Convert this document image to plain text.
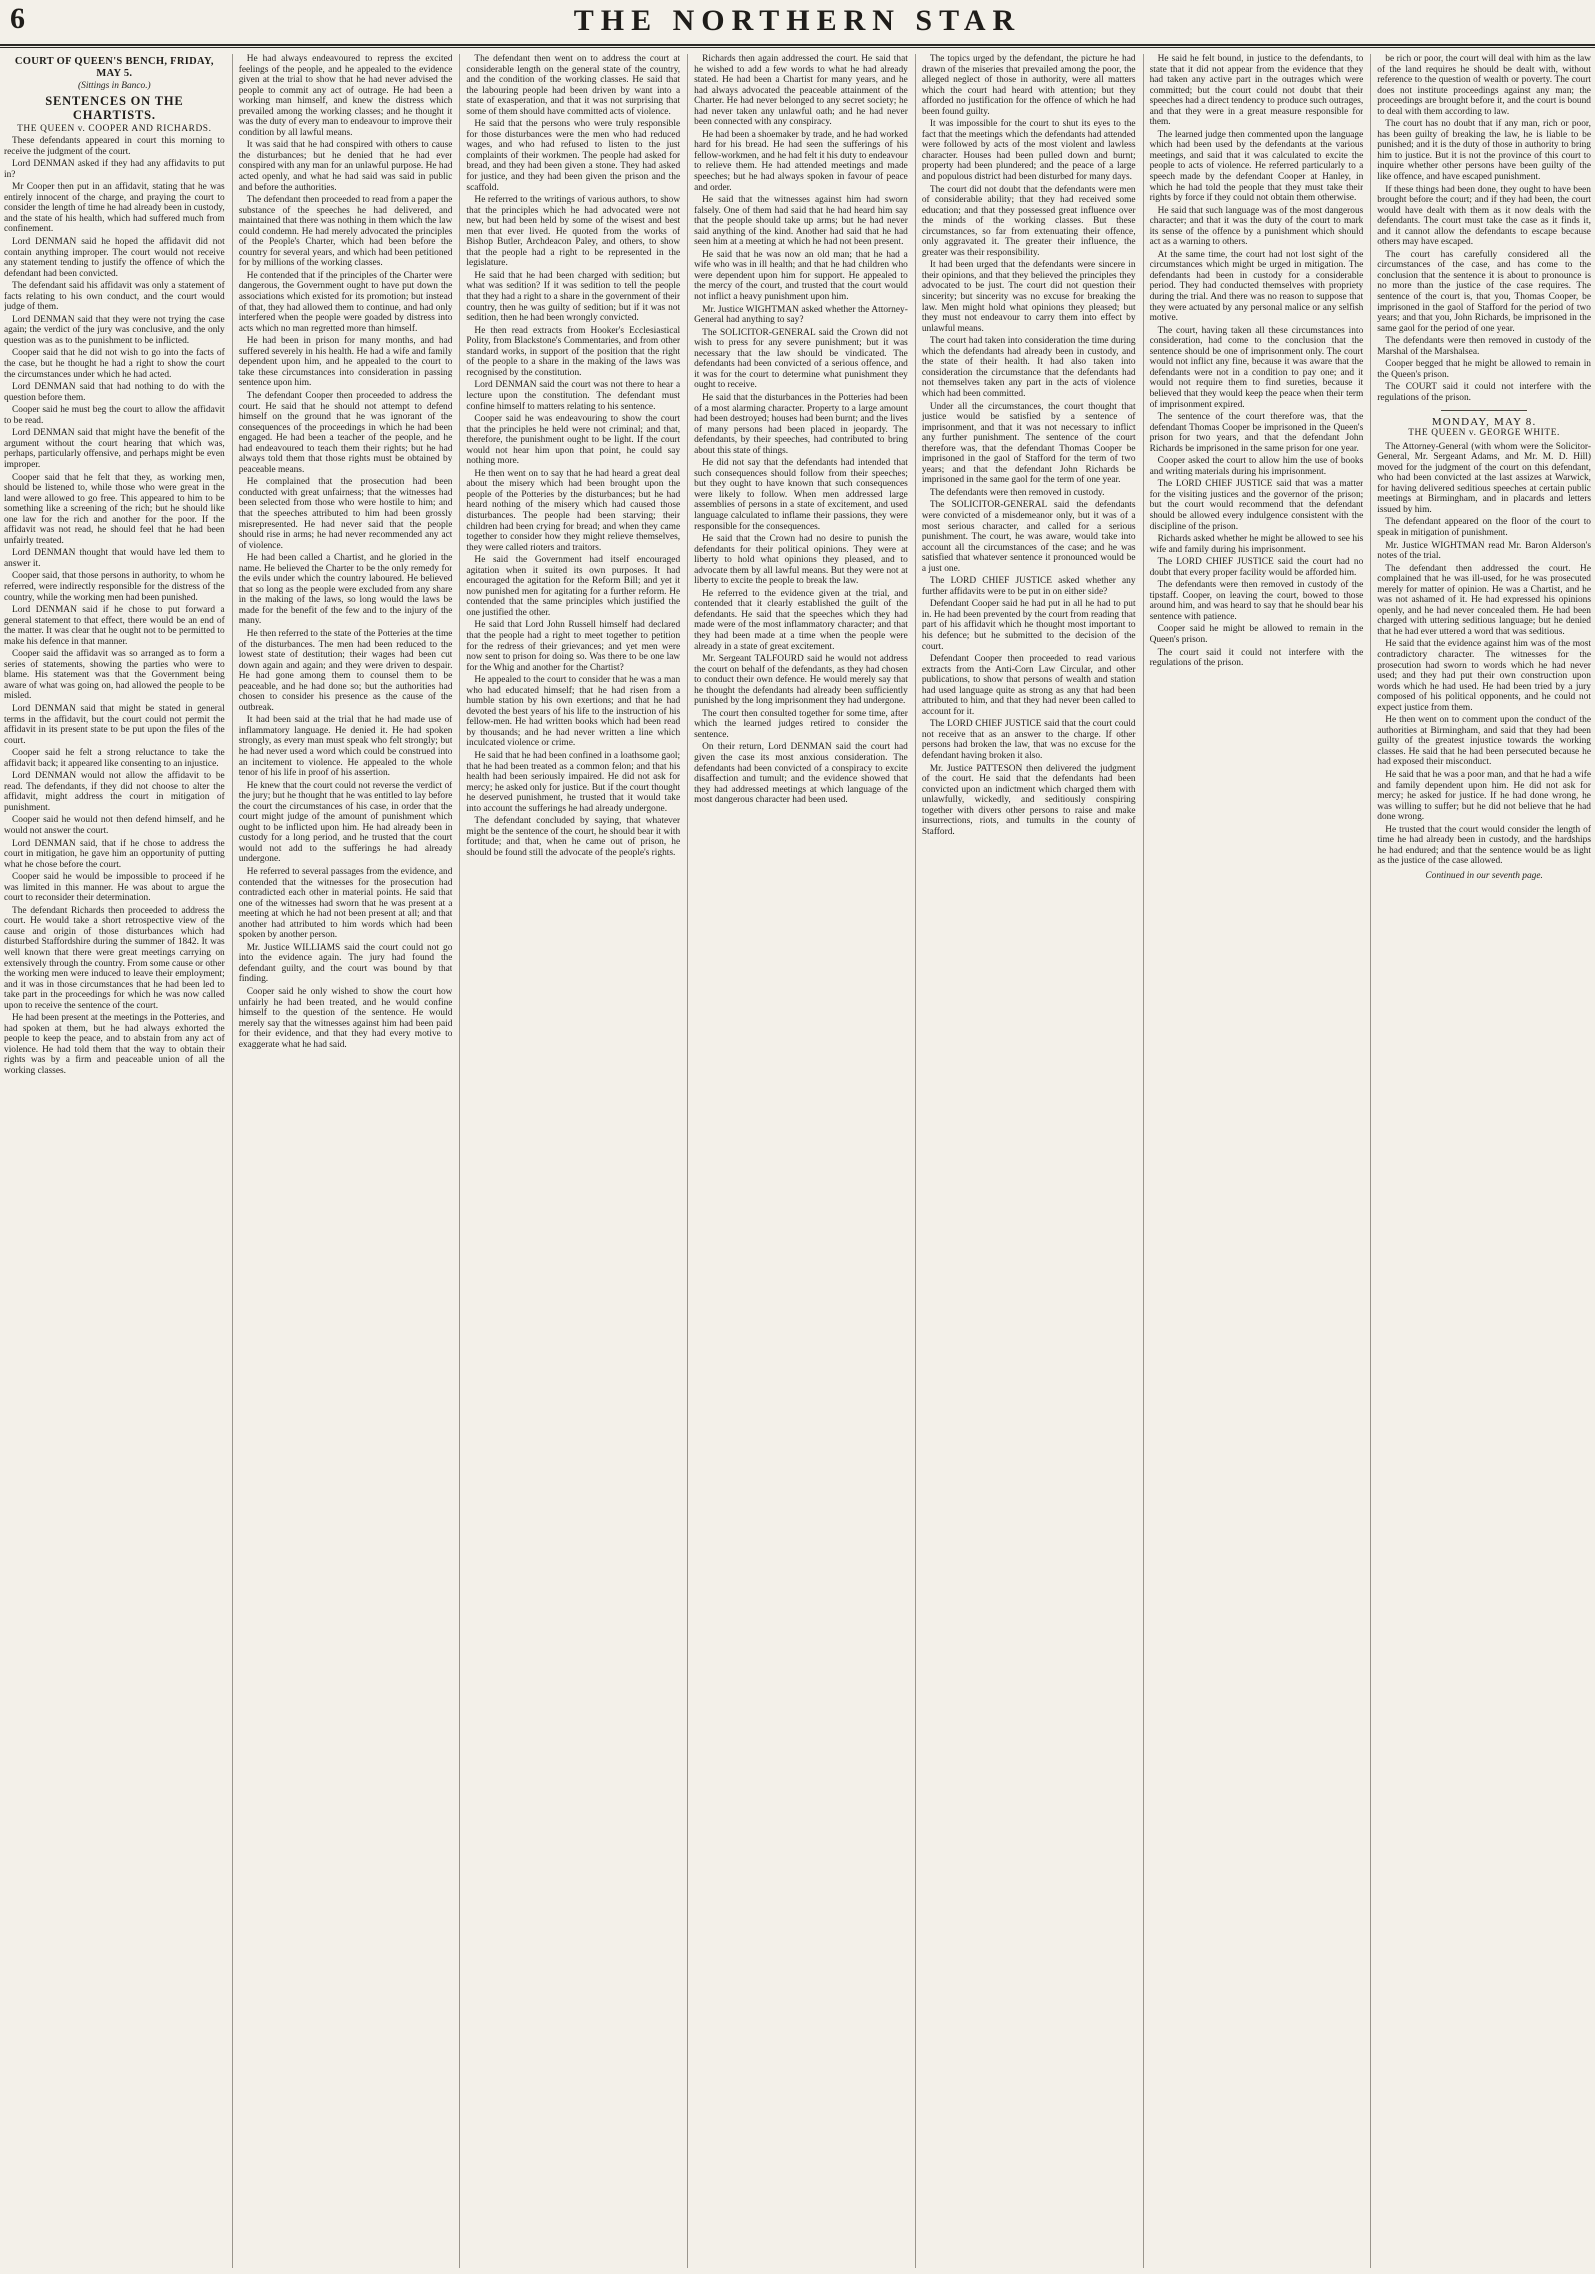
6	THE NORTHERN STAR
COURT OF QUEEN'S BENCH, FRIDAY, MAY 5.
(Sittings in Banco.)
SENTENCES ON THE CHARTISTS.
THE QUEEN v. COOPER AND RICHARDS.

These defendants appeared in court this morning to receive the judgment of the court.

Lord DENMAN asked if they had any affidavits to put in?

Mr Cooper then put in an affidavit, stating that he was entirely innocent of the charge, and praying the court to consider the length of time he had already been in custody, and the state of his health, which had suffered much from confinement.

Lord DENMAN said he hoped the affidavit did not contain anything improper. The court would not receive any statement tending to justify the offence of which the defendant had been convicted.

The defendant said his affidavit was only a statement of facts relating to his own conduct, and the court would judge of them.

Lord DENMAN said that they were not trying the case again; the verdict of the jury was conclusive, and the only question was as to the punishment to be inflicted.

Cooper said that he did not wish to go into the facts of the case, but he thought he had a right to show the court the circumstances under which he had acted.

Lord DENMAN said that had nothing to do with the question before them.

Cooper said he must beg the court to allow the affidavit to be read.

Lord DENMAN said that might have the benefit of the argument without the court hearing that which was, perhaps, particularly offensive, and perhaps might be even improper.

Cooper said that he felt that they, as working men, should be listened to, while those who were great in the land were allowed to go free. This appeared to him to be something like a screening of the rich; but he should like one law for the rich and another for the poor. If the affidavit was not read, he should feel that he had been unfairly treated.

Lord DENMAN thought that would have led them to answer it.

Cooper said, that those persons in authority, to whom he referred, were indirectly responsible for the distress of the country, while the working men had been punished.

Lord DENMAN said if he chose to put forward a general statement to that effect, there would be an end of the matter. It was clear that he ought not to be permitted to make his defence in that manner.

Cooper said the affidavit was so arranged as to form a series of statements, showing the parties who were to blame. His statement was that the Government being aware of what was going on, had allowed the people to be misled.

Lord DENMAN said that might be stated in general terms in the affidavit, but the court could not permit the affidavit in its present state to be put upon the files of the court.

Cooper said he felt a strong reluctance to take the affidavit back; it appeared like consenting to an injustice.

Lord DENMAN would not allow the affidavit to be read. The defendants, if they did not choose to alter the affidavit, might address the court in mitigation of punishment.

Cooper said he would not then defend himself, and he would not answer the court.

Lord DENMAN said, that if he chose to address the court in mitigation, he gave him an opportunity of putting what he chose before the court.

Cooper said he would be impossible to proceed if he was limited in this manner. He was about to argue the court to reconsider their determination.

The defendant Richards then proceeded to address the court. He would take a short retrospective view of the cause and origin of those disturbances which had disturbed Staffordshire during the summer of 1842. It was well known that there were great meetings carrying on extensively through the country. From some cause or other the working men were induced to leave their employment; and it was in those circumstances that he had been led to take part in the proceedings for which he was now called upon to receive the sentence of the court.

He had been present at the meetings in the Potteries, and had spoken at them, but he had always exhorted the people to keep the peace, and to abstain from any act of violence. He had told them that the way to obtain their rights was by a firm and peaceable union of all the working classes.

He had always endeavoured to repress the excited feelings of the people, and he appealed to the evidence given at the trial to show that he had never advised the people to commit any act of outrage. He had been a working man himself, and knew the distress which prevailed among the working classes; and he thought it was the duty of every man to endeavour to improve their condition by all lawful means.

It was said that he had conspired with others to cause the disturbances; but he denied that he had ever conspired with any man for an unlawful purpose. He had acted openly, and what he had said was said in public and before the authorities.

The defendant then proceeded to read from a paper the substance of the speeches he had delivered, and maintained that there was nothing in them which the law could condemn. He had merely advocated the principles of the People's Charter, which had been before the country for several years, and which had been petitioned for by millions of the working classes.

He contended that if the principles of the Charter were dangerous, the Government ought to have put down the associations which existed for its promotion; but instead of that, they had allowed them to continue, and had only interfered when the people were goaded by distress into acts which no man regretted more than himself.

He had been in prison for many months, and had suffered severely in his health. He had a wife and family dependent upon him, and he appealed to the court to take these circumstances into consideration in passing sentence upon him.

The defendant Cooper then proceeded to address the court. He said that he should not attempt to defend himself on the ground that he was ignorant of the consequences of the proceedings in which he had been engaged. He had been a teacher of the people, and he had endeavoured to teach them their rights; but he had always told them that those rights must be obtained by peaceable means.

He complained that the prosecution had been conducted with great unfairness; that the witnesses had been selected from those who were hostile to him; and that the speeches attributed to him had been grossly misrepresented. He had never said that the people should rise in arms; he had never recommended any act of violence.

He had been called a Chartist, and he gloried in the name. He believed the Charter to be the only remedy for the evils under which the country laboured. He believed that so long as the people were excluded from any share in the making of the laws, so long would the laws be made for the benefit of the few and to the injury of the many.

He then referred to the state of the Potteries at the time of the disturbances. The men had been reduced to the lowest state of destitution; their wages had been cut down again and again; and they were driven to despair. He had gone among them to counsel them to be peaceable, and he had done so; but the authorities had chosen to consider his presence as the cause of the outbreak.

It had been said at the trial that he had made use of inflammatory language. He denied it. He had spoken strongly, as every man must speak who felt strongly; but he had never used a word which could be construed into an incitement to violence. He appealed to the whole tenor of his life in proof of his assertion.

He knew that the court could not reverse the verdict of the jury; but he thought that he was entitled to lay before the court the circumstances of his case, in order that the court might judge of the amount of punishment which ought to be inflicted upon him. He had already been in custody for a long period, and he trusted that the court would not add to the sufferings he had already undergone.

He referred to several passages from the evidence, and contended that the witnesses for the prosecution had contradicted each other in material points. He said that one of the witnesses had sworn that he was present at a meeting at which he had not been present at all; and that another had attributed to him words which had been spoken by another person.

Mr. Justice WILLIAMS said the court could not go into the evidence again. The jury had found the defendant guilty, and the court was bound by that finding.

Cooper said he only wished to show the court how unfairly he had been treated, and he would confine himself to the question of the sentence. He would merely say that the witnesses against him had been paid for their evidence, and that they had every motive to exaggerate what he had said.

The defendant then went on to address the court at considerable length on the general state of the country, and the condition of the working classes. He said that the labouring people had been driven by want into a state of exasperation, and that it was not surprising that some of them should have committed acts of violence.

He said that the persons who were truly responsible for those disturbances were the men who had reduced wages, and who had refused to listen to the just complaints of their workmen. The people had asked for bread, and they had been given a stone. They had asked for justice, and they had been given the prison and the scaffold.

He referred to the writings of various authors, to show that the principles which he had advocated were not new, but had been held by some of the wisest and best men that ever lived. He quoted from the works of Bishop Butler, Archdeacon Paley, and others, to show that the people had a right to be represented in the legislature.

He said that he had been charged with sedition; but what was sedition? If it was sedition to tell the people that they had a right to a share in the government of their country, then he was guilty of sedition; but if it was not sedition, then he had been wrongly convicted.

He then read extracts from Hooker's Ecclesiastical Polity, from Blackstone's Commentaries, and from other standard works, in support of the position that the right of the people to a share in the making of the laws was recognised by the constitution.

Lord DENMAN said the court was not there to hear a lecture upon the constitution. The defendant must confine himself to matters relating to his sentence.

Cooper said he was endeavouring to show the court that the principles he held were not criminal; and that, therefore, the punishment ought to be light. If the court would not hear him upon that point, he could say nothing more.

He then went on to say that he had heard a great deal about the misery which had been brought upon the people of the Potteries by the disturbances; but he had heard nothing of the misery which had caused those disturbances. The people had been starving; their children had been crying for bread; and when they came together to consider how they might relieve themselves, they were called rioters and traitors.

He said the Government had itself encouraged agitation when it suited its own purposes. It had encouraged the agitation for the Reform Bill; and yet it now punished men for agitating for a further reform. He contended that the same principles which justified the one justified the other.

He said that Lord John Russell himself had declared that the people had a right to meet together to petition for the redress of their grievances; and yet men were now sent to prison for doing so. Was there to be one law for the Whig and another for the Chartist?

He appealed to the court to consider that he was a man who had educated himself; that he had risen from a humble station by his own exertions; and that he had devoted the best years of his life to the instruction of his fellow-men. He had written books which had been read by thousands; and he had never written a line which inculcated violence or crime.

He said that he had been confined in a loathsome gaol; that he had been treated as a common felon; and that his health had been seriously impaired. He did not ask for mercy; he asked only for justice. But if the court thought he deserved punishment, he trusted that it would take into account the sufferings he had already undergone.

The defendant concluded by saying, that whatever might be the sentence of the court, he should bear it with fortitude; and that, when he came out of prison, he should be found still the advocate of the people's rights.

Richards then again addressed the court. He said that he wished to add a few words to what he had already stated. He had been a Chartist for many years, and he had always advocated the peaceable attainment of the Charter. He had never belonged to any secret society; he had never taken any unlawful oath; and he had never been connected with any conspiracy.

He had been a shoemaker by trade, and he had worked hard for his bread. He had seen the sufferings of his fellow-workmen, and he had felt it his duty to endeavour to relieve them. He had attended meetings and made speeches; but he had always spoken in favour of peace and order.

He said that the witnesses against him had sworn falsely. One of them had said that he had heard him say that the people should take up arms; but he had never said anything of the kind. Another had said that he had seen him at a meeting at which he had not been present.

He said that he was now an old man; that he had a wife who was in ill health; and that he had children who were dependent upon him for support. He appealed to the mercy of the court, and trusted that the court would not inflict a heavy punishment upon him.

Mr. Justice WIGHTMAN asked whether the Attorney-General had anything to say?

The SOLICITOR-GENERAL said the Crown did not wish to press for any severe punishment; but it was necessary that the law should be vindicated. The defendants had been convicted of a serious offence, and it was for the court to determine what punishment they ought to receive.

He said that the disturbances in the Potteries had been of a most alarming character. Property to a large amount had been destroyed; houses had been burnt; and the lives of many persons had been placed in jeopardy. The defendants, by their speeches, had contributed to bring about this state of things.

He did not say that the defendants had intended that such consequences should follow from their speeches; but they ought to have known that such consequences were likely to follow. When men addressed large assemblies of persons in a state of excitement, and used language calculated to inflame their passions, they were responsible for the consequences.

He said that the Crown had no desire to punish the defendants for their political opinions. They were at liberty to hold what opinions they pleased, and to advocate them by all lawful means. But they were not at liberty to excite the people to break the law.

He referred to the evidence given at the trial, and contended that it clearly established the guilt of the defendants. He said that the speeches which they had made were of the most inflammatory character; and that they had been made at a time when the people were already in a state of great excitement.

Mr. Sergeant TALFOURD said he would not address the court on behalf of the defendants, as they had chosen to conduct their own defence. He would merely say that he thought the defendants had already been sufficiently punished by the long imprisonment they had undergone.

The court then consulted together for some time, after which the learned judges retired to consider the sentence.

On their return, Lord DENMAN said the court had given the case its most anxious consideration. The defendants had been convicted of a conspiracy to excite disaffection and tumult; and the evidence showed that they had addressed meetings at which language of the most dangerous character had been used.

The topics urged by the defendant, the picture he had drawn of the miseries that prevailed among the poor, the alleged neglect of those in authority, were all matters which the court had heard with attention; but they afforded no justification for the offence of which he had been found guilty.

It was impossible for the court to shut its eyes to the fact that the meetings which the defendants had attended were followed by acts of the most violent and lawless character. Houses had been pulled down and burnt; property had been plundered; and the peace of a large and populous district had been disturbed for many days.

The court did not doubt that the defendants were men of considerable ability; that they had received some education; and that they possessed great influence over the minds of the working classes. But these circumstances, so far from extenuating their offence, only aggravated it. The greater their influence, the greater was their responsibility.

It had been urged that the defendants were sincere in their opinions, and that they believed the principles they advocated to be just. The court did not question their sincerity; but sincerity was no excuse for breaking the law. Men might hold what opinions they pleased; but they must not endeavour to carry them into effect by unlawful means.

The court had taken into consideration the time during which the defendants had already been in custody, and the state of their health. It had also taken into consideration the circumstance that the defendants had not themselves taken any part in the acts of violence which had been committed.

Under all the circumstances, the court thought that justice would be satisfied by a sentence of imprisonment, and that it was not necessary to inflict any further punishment. The sentence of the court therefore was, that the defendant Thomas Cooper be imprisoned in the gaol of Stafford for the term of two years; and that the defendant John Richards be imprisoned in the same gaol for the term of one year.

The defendants were then removed in custody.

The SOLICITOR-GENERAL said the defendants were convicted of a misdemeanor only, but it was of a most serious character, and called for a serious punishment. The court, he was aware, would take into account all the circumstances of the case; and he was satisfied that whatever sentence it pronounced would be a just one.

The LORD CHIEF JUSTICE asked whether any further affidavits were to be put in on either side?

Defendant Cooper said he had put in all he had to put in. He had been prevented by the court from reading that part of his affidavit which he thought most important to his defence; but he submitted to the decision of the court.

Defendant Cooper then proceeded to read various extracts from the Anti-Corn Law Circular, and other publications, to show that persons of wealth and station had used language quite as strong as any that had been attributed to him, and that they had never been called to account for it.

The LORD CHIEF JUSTICE said that the court could not receive that as an answer to the charge. If other persons had broken the law, that was no excuse for the defendant having broken it also.

Mr. Justice PATTESON then delivered the judgment of the court. He said that the defendants had been convicted upon an indictment which charged them with unlawfully, wickedly, and seditiously conspiring together with divers other persons to raise and make insurrections, riots, and tumults in the county of Stafford.

He said he felt bound, in justice to the defendants, to state that it did not appear from the evidence that they had taken any active part in the outrages which were committed; but the court could not doubt that their speeches had a direct tendency to produce such outrages, and that they were in a great measure responsible for them.

The learned judge then commented upon the language which had been used by the defendants at the various meetings, and said that it was calculated to excite the people to acts of violence. He referred particularly to a speech made by the defendant Cooper at Hanley, in which he had told the people that they must take their rights by force if they could not obtain them otherwise.

He said that such language was of the most dangerous character; and that it was the duty of the court to mark its sense of the offence by a punishment which should act as a warning to others.

At the same time, the court had not lost sight of the circumstances which might be urged in mitigation. The defendants had been in custody for a considerable period. They had conducted themselves with propriety during the trial. And there was no reason to suppose that they were actuated by any personal malice or any selfish motive.

The court, having taken all these circumstances into consideration, had come to the conclusion that the sentence should be one of imprisonment only. The court would not inflict any fine, because it was aware that the defendants were not in a condition to pay one; and it would not require them to find sureties, because it believed that they would keep the peace when their term of imprisonment expired.

The sentence of the court therefore was, that the defendant Thomas Cooper be imprisoned in the Queen's prison for two years, and that the defendant John Richards be imprisoned in the same prison for one year.

Cooper asked the court to allow him the use of books and writing materials during his imprisonment.

The LORD CHIEF JUSTICE said that was a matter for the visiting justices and the governor of the prison; but the court would recommend that the defendant should be allowed every indulgence consistent with the discipline of the prison.

Richards asked whether he might be allowed to see his wife and family during his imprisonment.

The LORD CHIEF JUSTICE said the court had no doubt that every proper facility would be afforded him.

The defendants were then removed in custody of the tipstaff. Cooper, on leaving the court, bowed to those around him, and was heard to say that he should bear his sentence with patience.

Cooper said he might be allowed to remain in the Queen's prison.

The court said it could not interfere with the regulations of the prison.

be rich or poor, the court will deal with him as the law of the land requires he should be dealt with, without reference to the question of wealth or poverty. The court does not institute proceedings against any man; the proceedings are brought before it, and the court is bound to deal with them according to law.

The court has no doubt that if any man, rich or poor, has been guilty of breaking the law, he is liable to be punished; and it is the duty of those in authority to bring him to justice. But it is not the province of this court to inquire whether other persons have been guilty of the like offence, and have escaped punishment.

If these things had been done, they ought to have been brought before the court; and if they had been, the court would have dealt with them as it now deals with the defendants. The court must take the case as it finds it, and it cannot allow the defendants to escape because others may have escaped.

The court has carefully considered all the circumstances of the case, and has come to the conclusion that the sentence it is about to pronounce is no more than the justice of the case requires. The sentence of the court is, that you, Thomas Cooper, be imprisoned in the gaol of Stafford for the period of two years; and that you, John Richards, be imprisoned in the same gaol for the period of one year.

The defendants were then removed in custody of the Marshal of the Marshalsea.

Cooper begged that he might be allowed to remain in the Queen's prison.

The COURT said it could not interfere with the regulations of the prison.

MONDAY, MAY 8.
THE QUEEN v. GEORGE WHITE.

The Attorney-General (with whom were the Solicitor-General, Mr. Sergeant Adams, and Mr. M. D. Hill) moved for the judgment of the court on this defendant, who had been convicted at the last assizes at Warwick, for having delivered seditious speeches at certain public meetings at Birmingham, and in placards and letters issued by him.

The defendant appeared on the floor of the court to speak in mitigation of punishment.

Mr. Justice WIGHTMAN read Mr. Baron Alderson's notes of the trial.

The defendant then addressed the court. He complained that he was ill-used, for he was prosecuted merely for matter of opinion. He was a Chartist, and he was not ashamed of it. He had expressed his opinions openly, and he had never concealed them. He had been charged with uttering seditious language; but he denied that he had ever uttered a word that was seditious.

He said that the evidence against him was of the most contradictory character. The witnesses for the prosecution had sworn to words which he had never used; and they had put their own construction upon words which he had used. He had been tried by a jury composed of his political opponents, and he could not expect justice from them.

He then went on to comment upon the conduct of the authorities at Birmingham, and said that they had been guilty of the greatest injustice towards the working classes. He said that he had been persecuted because he had exposed their misconduct.

He said that he was a poor man, and that he had a wife and family dependent upon him. He did not ask for mercy; he asked for justice. If he had done wrong, he was willing to suffer; but he did not believe that he had done wrong.

He trusted that the court would consider the length of time he had already been in custody, and the hardships he had endured; and that the sentence would be as light as the justice of the case allowed.

Continued in our seventh page.
